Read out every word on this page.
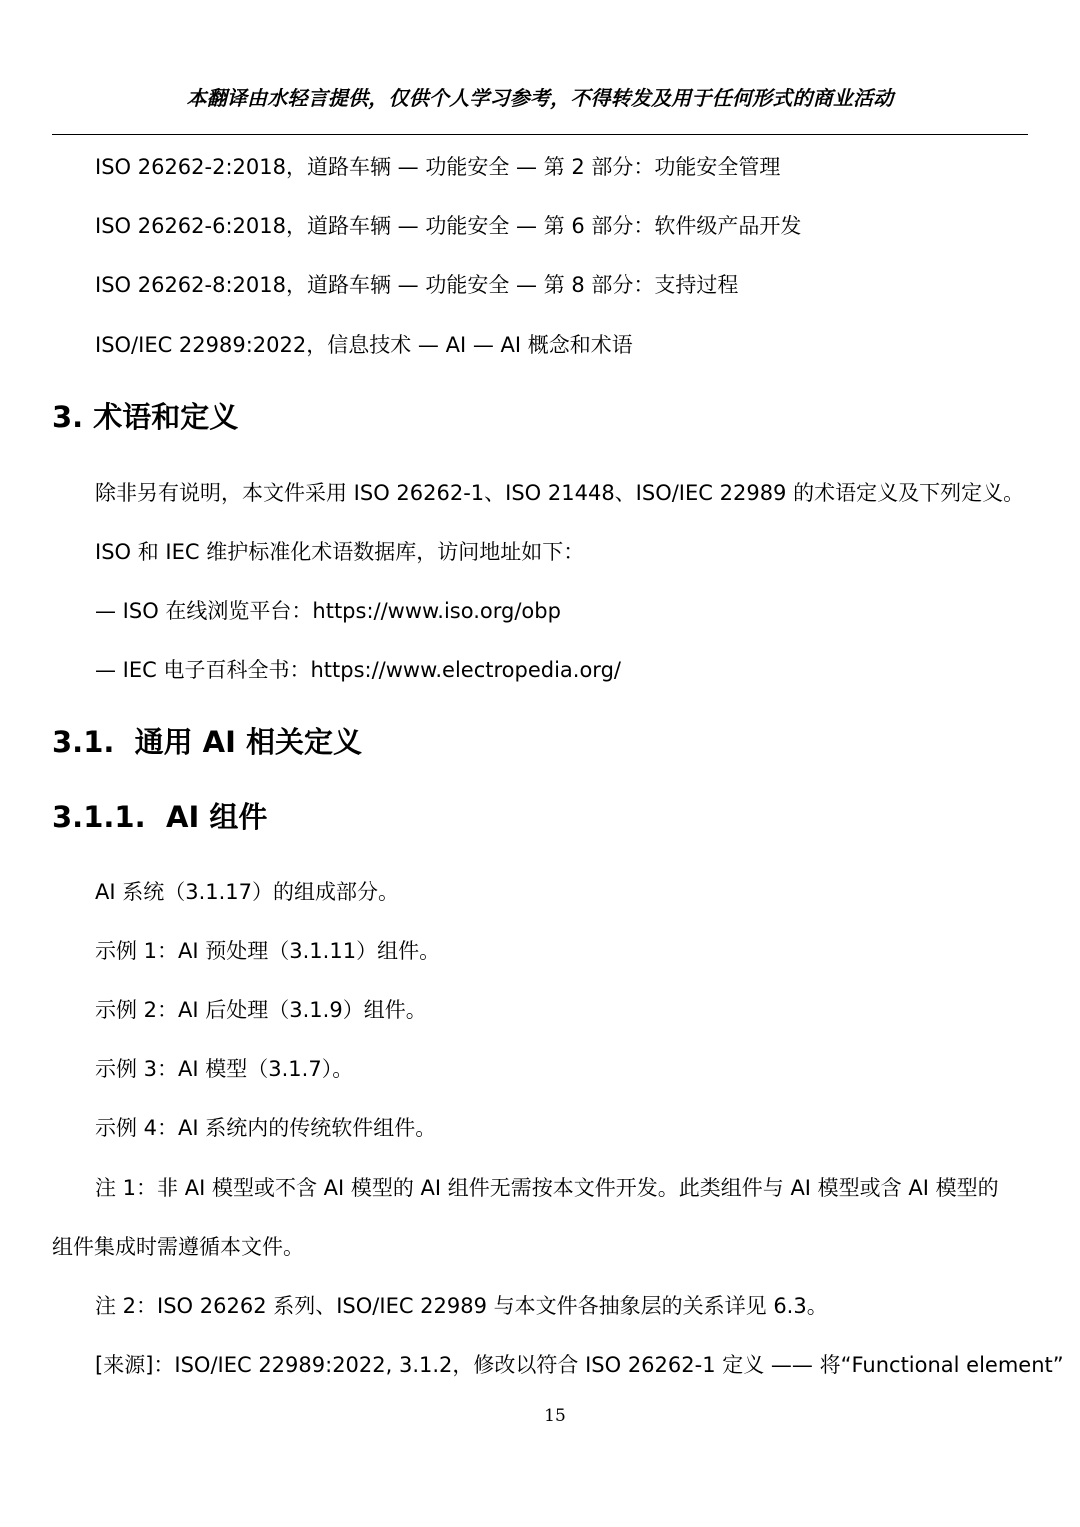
本翻译由水轻言提供，仅供个人学习参考，不得转发及用于任何形式的商业活动
ISO 26262-2:2018，道路车辆 — 功能安全 — 第 2 部分：功能安全管理
ISO 26262-6:2018，道路车辆 — 功能安全 — 第 6 部分：软件级产品开发
ISO 26262-8:2018，道路车辆 — 功能安全 — 第 8 部分：支持过程
ISO/IEC 22989:2022，信息技术 — AI — AI 概念和术语
3. 术语和定义
除非另有说明，本文件采用 ISO 26262-1、ISO 21448、ISO/IEC 22989 的术语定义及下列定义。
ISO 和 IEC 维护标准化术语数据库，访问地址如下：
— ISO 在线浏览平台：https://www.iso.org/obp
— IEC 电子百科全书：https://www.electropedia.org/
3.1.  通用 AI 相关定义
3.1.1. AI 组件
AI 系统（3.1.17）的组成部分。
示例 1：AI 预处理（3.1.11）组件。
示例 2：AI 后处理（3.1.9）组件。
示例 3：AI 模型（3.1.7）。
示例 4：AI 系统内的传统软件组件。
注 1：非 AI 模型或不含 AI 模型的 AI 组件无需按本文件开发。此类组件与 AI 模型或含 AI 模型的
组件集成时需遵循本文件。
注 2：ISO 26262 系列、ISO/IEC 22989 与本文件各抽象层的关系详见 6.3。
[来源]：ISO/IEC 22989:2022, 3.1.2，修改以符合 ISO 26262-1 定义 —— 将“Functional element”
15
